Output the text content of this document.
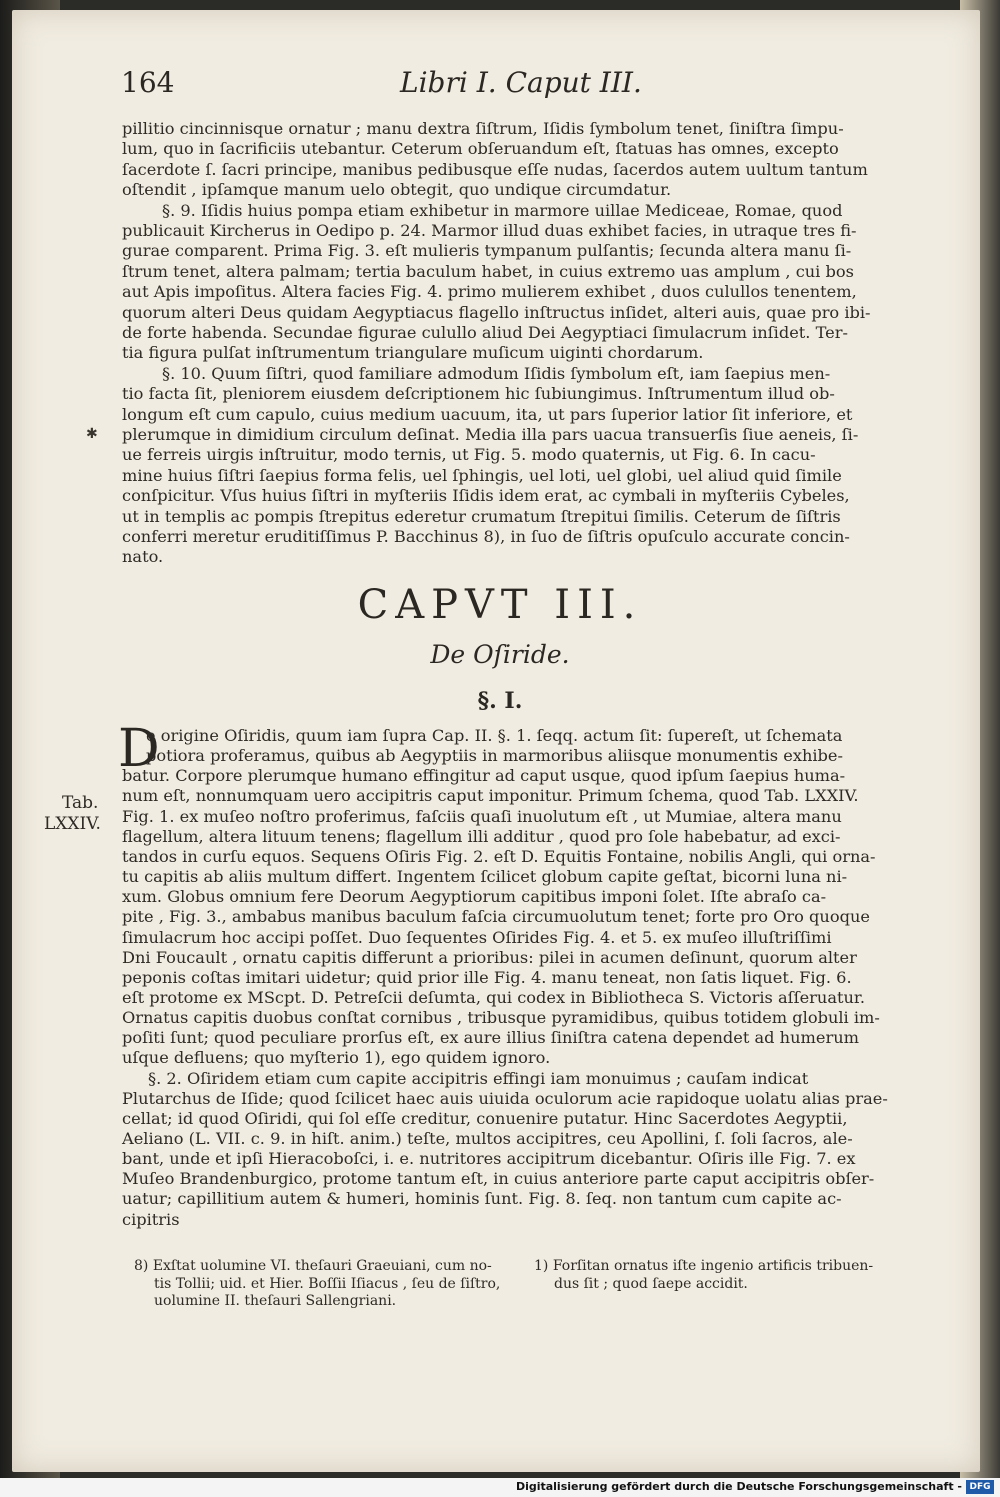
164	Libri I. Caput III.
pillitio cincinnisque ornatur ; manu dextra ſiſtrum, Iſidis ſymbolum tenet, ſiniſtra ſimpu-
lum, quo in ſacrificiis utebantur. Ceterum obſeruandum eſt, ſtatuas has omnes, excepto
ſacerdote ſ. ſacri principe, manibus pedibusque eſſe nudas, ſacerdos autem uultum tantum
oſtendit , ipſamque manum uelo obtegit, quo undique circumdatur.
§. 9. Iſidis huius pompa etiam exhibetur in marmore uillae Mediceae, Romae, quod
publicauit Kircherus in Oedipo p. 24. Marmor illud duas exhibet facies, in utraque tres fi-
gurae comparent. Prima Fig. 3. eſt mulieris tympanum pulſantis; ſecunda altera manu ſi-
ſtrum tenet, altera palmam; tertia baculum habet, in cuius extremo uas amplum , cui bos
aut Apis impoſitus. Altera facies Fig. 4. primo mulierem exhibet , duos culullos tenentem,
quorum alteri Deus quidam Aegyptiacus flagello inſtructus inſidet, alteri auis, quae pro ibi-
de forte habenda. Secundae figurae culullo aliud Dei Aegyptiaci ſimulacrum inſidet. Ter-
tia figura pulſat inſtrumentum triangulare muſicum uiginti chordarum.
§. 10. Quum ſiſtri, quod familiare admodum Iſidis ſymbolum eſt, iam ſaepius men-
tio facta ſit, pleniorem eiusdem deſcriptionem hic ſubiungimus. Inſtrumentum illud ob-
longum eſt cum capulo, cuius medium uacuum, ita, ut pars ſuperior latior ſit inferiore, et
plerumque in dimidium circulum deſinat. Media illa pars uacua transuerſis ſiue aeneis, ſi-
ue ferreis uirgis inſtruitur, modo ternis, ut Fig. 5. modo quaternis, ut Fig. 6. In cacu-
mine huius ſiſtri ſaepius forma felis, uel ſphingis, uel loti, uel globi, uel aliud quid ſimile
conſpicitur. Vſus huius ſiſtri in myſteriis Iſidis idem erat, ac cymbali in myſteriis Cybeles,
ut in templis ac pompis ſtrepitus ederetur crumatum ſtrepitui ſimilis. Ceterum de ſiſtris
conferri meretur eruditiſſimus P. Bacchinus 8), in ſuo de ſiſtris opuſculo accurate concin-
nato.
✱
CAPVT III.
De Oſiride.
§. I.
D
e origine Oſiridis, quum iam ſupra Cap. II. §. 1. ſeqq. actum ſit: ſupereſt, ut ſchemata
potiora proferamus, quibus ab Aegyptiis in marmoribus aliisque monumentis exhibe-
batur. Corpore plerumque humano effingitur ad caput usque, quod ipſum ſaepius huma-
num eſt, nonnumquam uero accipitris caput imponitur. Primum ſchema, quod Tab. LXXIV.
Fig. 1. ex muſeo noſtro proferimus, faſciis quaſi inuolutum eſt , ut Mumiae, altera manu
flagellum, altera lituum tenens; flagellum illi additur , quod pro ſole habebatur, ad exci-
tandos in curſu equos. Sequens Oſiris Fig. 2. eſt D. Equitis Fontaine, nobilis Angli, qui orna-
tu capitis ab aliis multum differt. Ingentem ſcilicet globum capite geſtat, bicorni luna ni-
xum. Globus omnium fere Deorum Aegyptiorum capitibus imponi ſolet. Iſte abraſo ca-
pite , Fig. 3., ambabus manibus baculum faſcia circumuolutum tenet; forte pro Oro quoque
ſimulacrum hoc accipi poſſet. Duo ſequentes Oſirides Fig. 4. et 5. ex muſeo illuſtriſſimi
Dni Foucault , ornatu capitis differunt a prioribus: pilei in acumen deſinunt, quorum alter
peponis coſtas imitari uidetur; quid prior ille Fig. 4. manu teneat, non ſatis liquet. Fig. 6.
eſt protome ex MScpt. D. Petreſcii deſumta, qui codex in Bibliotheca S. Victoris aſſeruatur.
Ornatus capitis duobus conſtat cornibus , tribusque pyramidibus, quibus totidem globuli im-
poſiti ſunt; quod peculiare prorſus eſt, ex aure illius ſiniſtra catena dependet ad humerum
uſque defluens; quo myſterio 1), ego quidem ignoro.
§. 2. Oſiridem etiam cum capite accipitris effingi iam monuimus ; cauſam indicat
Plutarchus de Iſide; quod ſcilicet haec auis uiuida oculorum acie rapidoque uolatu alias prae-
cellat; id quod Oſiridi, qui ſol eſſe creditur, conuenire putatur. Hinc Sacerdotes Aegyptii,
Aeliano (L. VII. c. 9. in hiſt. anim.) teſte, multos accipitres, ceu Apollini, ſ. ſoli ſacros, ale-
bant, unde et ipſi Hieracoboſci, i. e. nutritores accipitrum dicebantur. Oſiris ille Fig. 7. ex
Muſeo Brandenburgico, protome tantum eſt, in cuius anteriore parte caput accipitris obſer-
uatur; capillitium autem & humeri, hominis ſunt. Fig. 8. ſeq. non tantum cum capite ac-
cipitris
Tab.
LXXIV.
8) Exſtat uolumine VI. theſauri Graeuiani, cum no-
tis Tollii; uid. et Hier. Boſſii Iſiacus , ſeu de ſiſtro,
uolumine II. theſauri Sallengriani.
1) Forſitan ornatus iſte ingenio artificis tribuen-
dus ſit ; quod ſaepe accidit.
Digitalisierung gefördert durch die Deutsche Forschungsgemeinschaft - DFG
